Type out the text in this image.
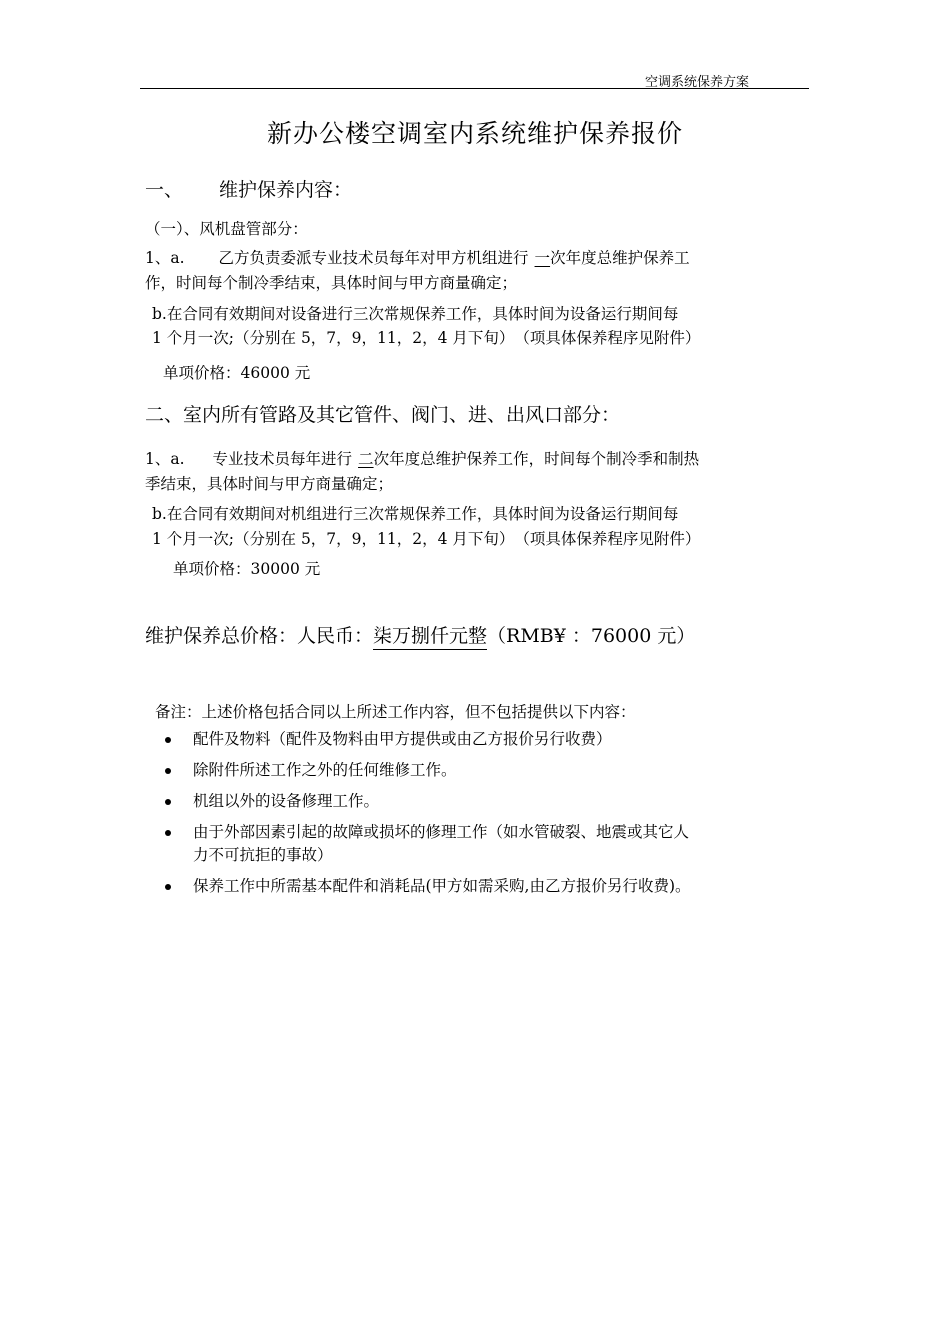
空调系统保养方案
新办公楼空调室内系统维护保养报价
一、 维护保养内容：
（一）、风机盘管部分：
1、a. 乙方负责委派专业技术员每年对甲方机组进行 一次年度总维护保养工
作，时间每个制冷季结束，具体时间与甲方商量确定；
b.在合同有效期间对设备进行三次常规保养工作，具体时间为设备运行期间每
1 个月一次;（分别在 5，7，9，11，2，4 月下旬）　（项具体保养程序见附件）
单项价格：46000 元
二、室内所有管路及其它管件、阀门、进、出风口部分：
1、a. 专业技术员每年进行 二次年度总维护保养工作，时间每个制冷季和制热
季结束，具体时间与甲方商量确定；
b.在合同有效期间对机组进行三次常规保养工作，具体时间为设备运行期间每
1 个月一次;（分别在 5，7，9，11，2，4 月下旬）　（项具体保养程序见附件）
单项价格：30000 元
维护保养总价格：人民币：柒万捌仟元整（RMB¥ ：76000 元）
备注：上述价格包括合同以上所述工作内容，但不包括提供以下内容：
配件及物料（配件及物料由甲方提供或由乙方报价另行收费）
除附件所述工作之外的任何维修工作。
机组以外的设备修理工作。
由于外部因素引起的故障或损坏的修理工作（如水管破裂、地震或其它人
力不可抗拒的事故）
保养工作中所需基本配件和消耗品(甲方如需采购,由乙方报价另行收费)。
